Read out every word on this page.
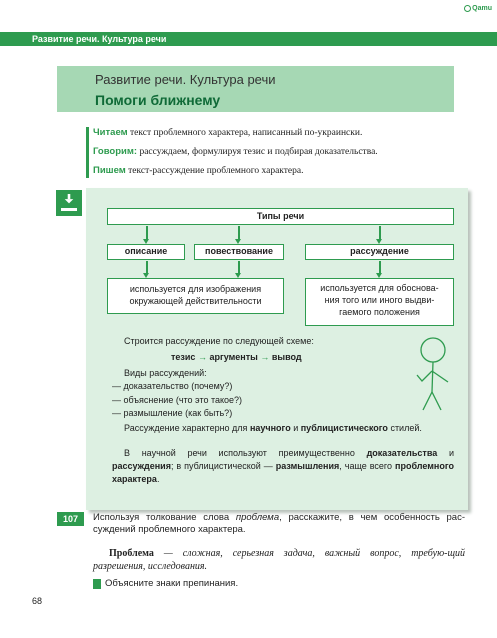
Qamu
Развитие речи. Культура речи
Развитие речи. Культура речи
Помоги ближнему
Читаем текст проблемного характера, написанный по-украински.
Говорим: рассуждаем, формулируя тезис и подбирая доказательства.
Пишем текст-рассуждение проблемного характера.
Типы речи
описание	повествование	рассуждение
используется для изображения
окружающей действительности
используется для обоснова-
ния того или иного выдви-
гаемого положения
Строится рассуждение по следующей схеме:
тезис → аргументы → вывод
Виды рассуждений:
— доказательство (почему?)
— объяснение (что это такое?)
— размышление (как быть?)
Рассуждение характерно для научного и публицистического стилей.
В научной речи используют преимущественно доказательства и рассуждения; в публицистической — размышления, чаще всего проблемного характера.
107	Используя толкование слова проблема, расскажите, в чем особенность рас-суждений проблемного характера.
Проблема — сложная, серьезная задача, важный вопрос, требую-щий разрешения, исследования.
Объясните знаки препинания.
68
